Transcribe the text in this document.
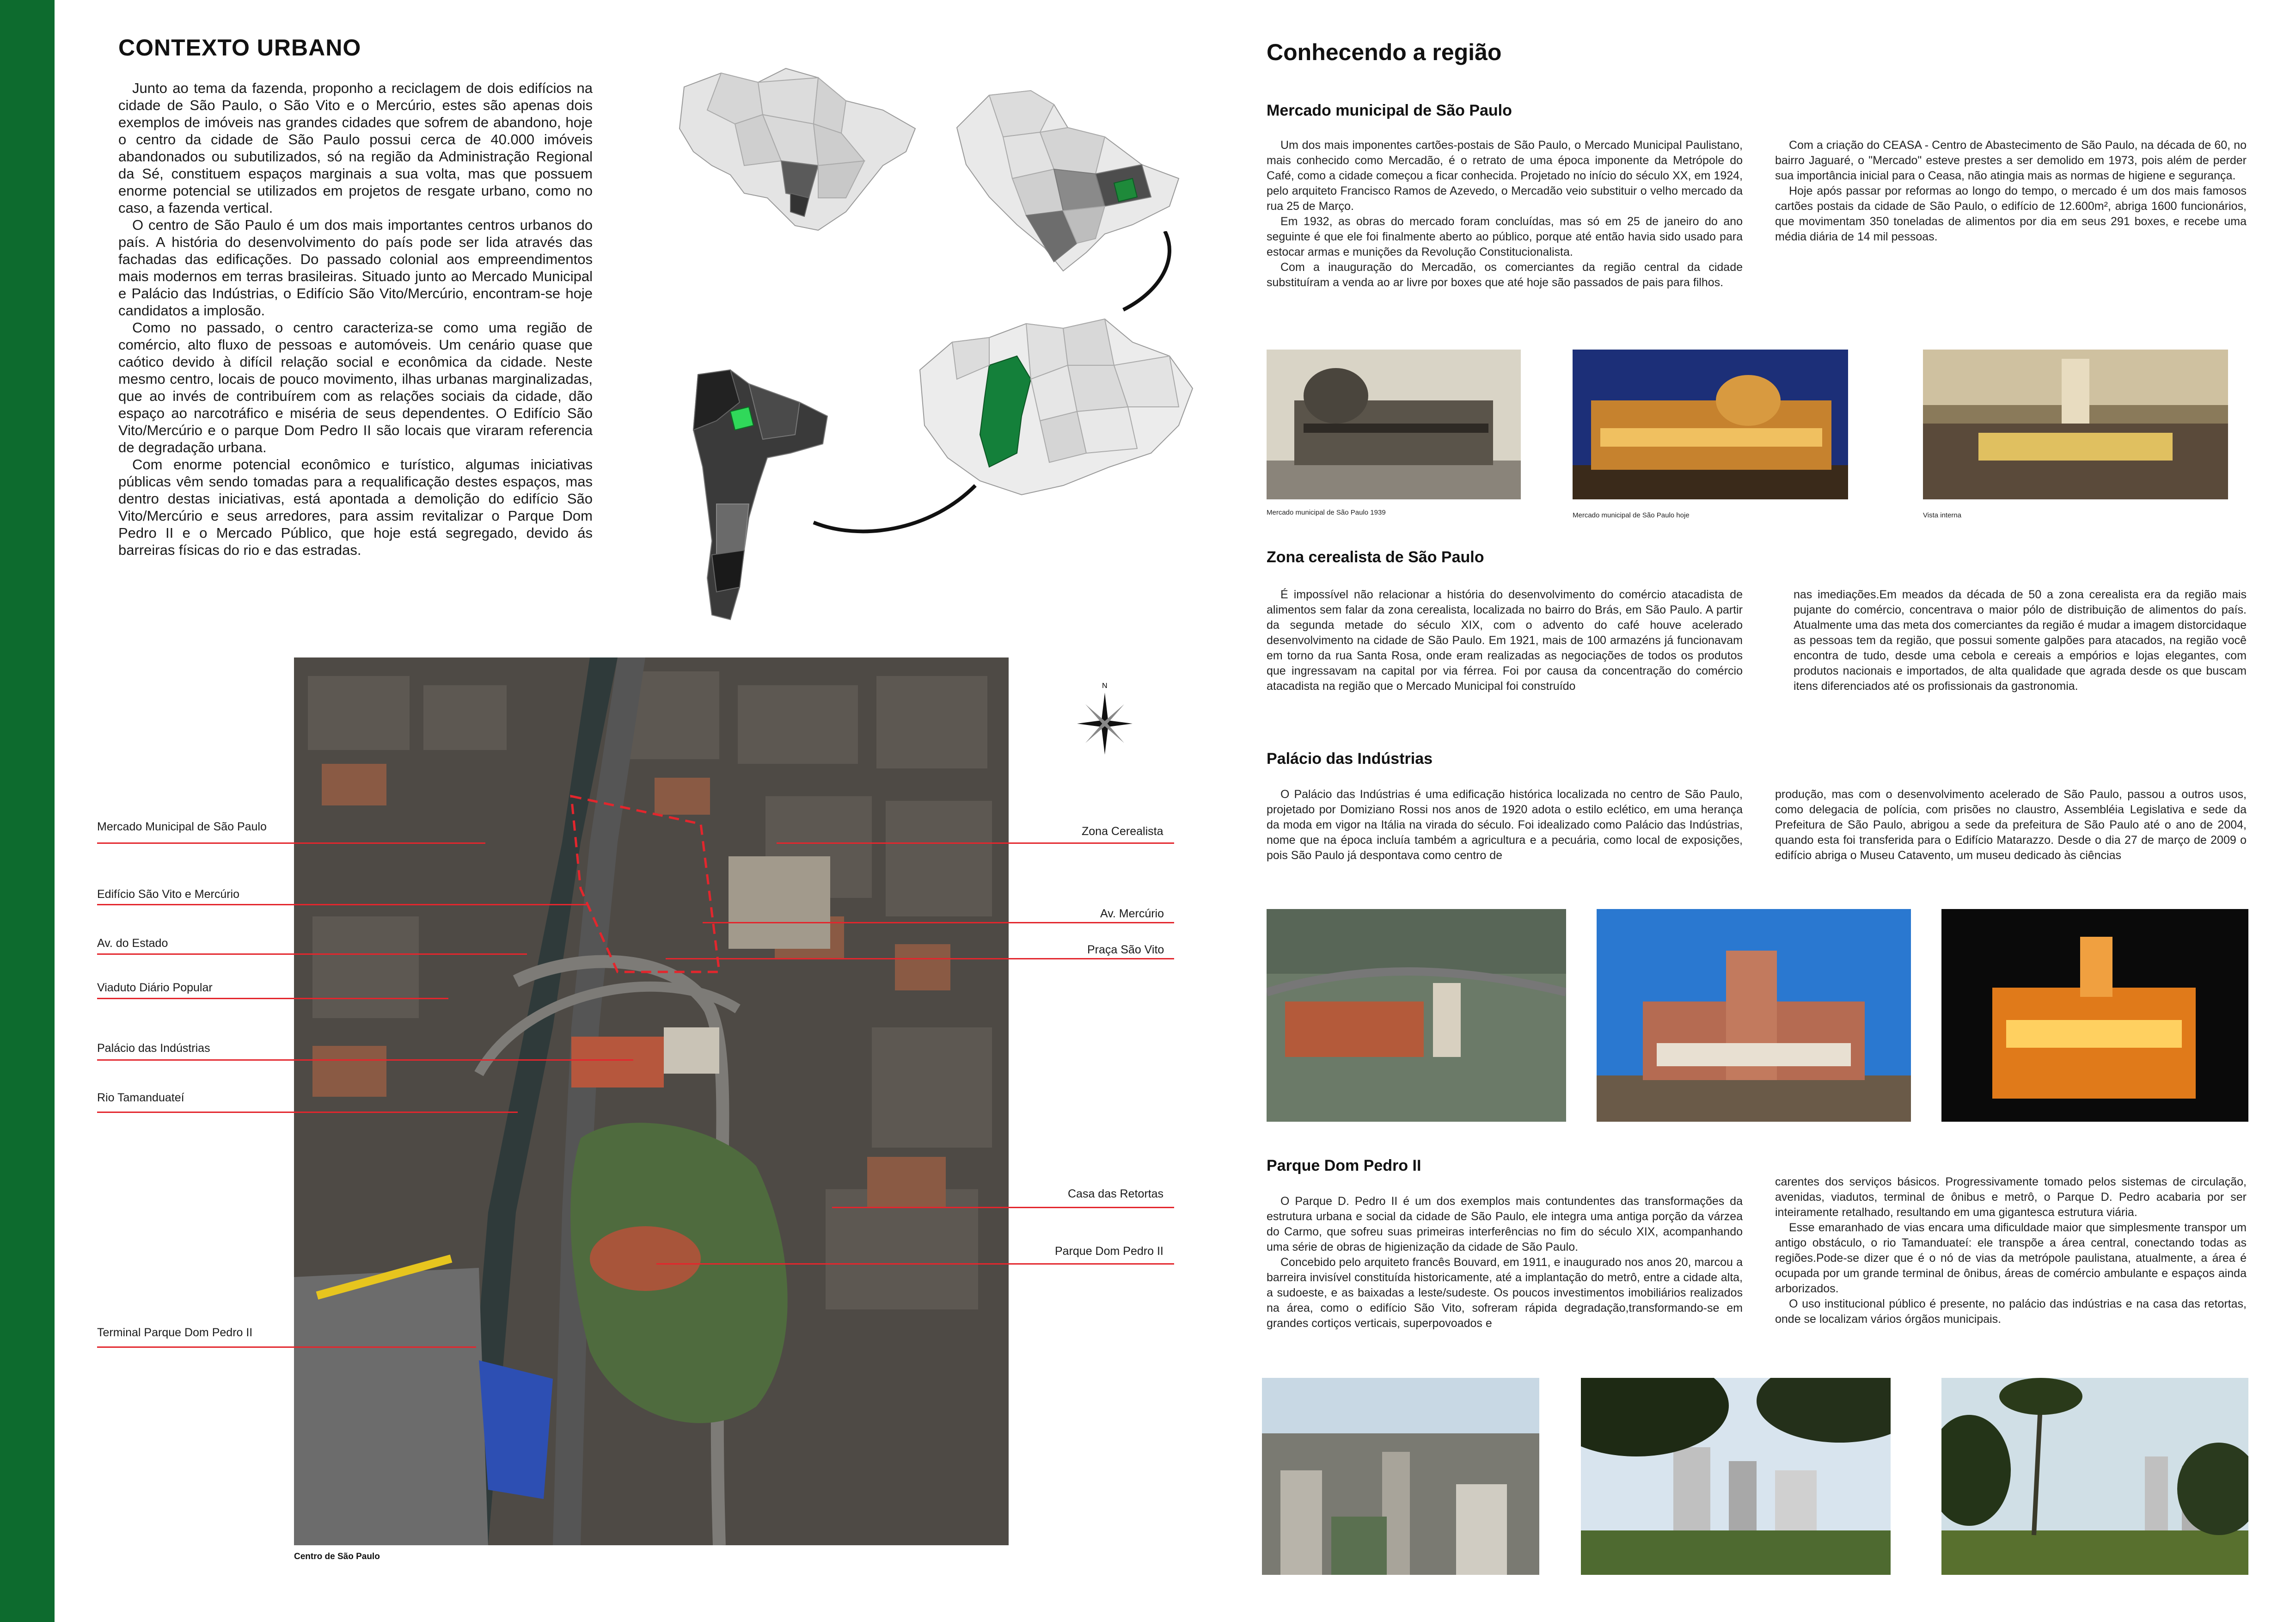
CONTEXTO URBANO

Junto ao tema da fazenda, proponho a reciclagem de dois edifícios na cidade de São Paulo, o São Vito e o Mercúrio, estes são apenas dois exemplos de imóveis nas grandes cidades que sofrem de abandono, hoje o centro da cidade de São Paulo possui cerca de 40.000 imóveis abandonados ou subutilizados, só na região da Administração Regional da Sé, constituem espaços marginais a sua volta, mas que possuem enorme potencial se utilizados em projetos de resgate urbano, como no caso, a fazenda vertical.

O centro de São Paulo é um dos mais importantes centros urbanos do país. A história do desenvolvimento do país pode ser lida através das fachadas das edificações. Do passado colonial aos empreendimentos mais modernos em terras brasileiras. Situado junto ao Mercado Municipal e Palácio das Indústrias, o Edifício São Vito/Mercúrio, encontram-se hoje candidatos a implosão.

Como no passado, o centro caracteriza-se como uma região de comércio, alto fluxo de pessoas e automóveis. Um cenário quase que caótico devido à difícil relação social e econômica da cidade. Neste mesmo centro, locais de pouco movimento, ilhas urbanas marginalizadas, que ao invés de contribuírem com as relações sociais da cidade, dão espaço ao narcotráfico e miséria de seus dependentes. O Edifício São Vito/Mercúrio e o parque Dom Pedro II são locais que viraram referencia de degradação urbana.

Com enorme potencial econômico e turístico, algumas iniciativas públicas vêm sendo tomadas para a requalificação destes espaços, mas dentro destas iniciativas, está apontada a demolição do edifício São Vito/Mercúrio e seus arredores, para assim revitalizar o Parque Dom Pedro II e o Mercado Público, que hoje está segregado, devido ás barreiras físicas do rio e das estradas.

Centro de São Paulo
N
Mercado Municipal de São Paulo
Edifício São Vito e Mercúrio
Av. do Estado
Viaduto Diário Popular
Palácio das Indústrias
Rio Tamanduateí
Terminal Parque Dom Pedro II
Zona Cerealista
Av. Mercúrio
Praça São Vito
Casa das Retortas
Parque Dom Pedro II
Conhecendo a região
Mercado municipal de São Paulo

Um dos mais imponentes cartões-postais de São Paulo, o Mercado Municipal Paulistano, mais conhecido como Mercadão, é o retrato de uma época imponente da Metrópole do Café, como a cidade começou a ficar conhecida. Projetado no início do século XX, em 1924, pelo arquiteto Francisco Ramos de Azevedo, o Mercadão veio substituir o velho mercado da rua 25 de Março.

Em 1932, as obras do mercado foram concluídas, mas só em 25 de janeiro do ano seguinte é que ele foi finalmente aberto ao público, porque até então havia sido usado para estocar armas e munições da Revolução Constitucionalista.

Com a inauguração do Mercadão, os comerciantes da região central da cidade substituíram a venda ao ar livre por boxes que até hoje são passados de pais para filhos.

Com a criação do CEASA - Centro de Abastecimento de São Paulo, na década de 60, no bairro Jaguaré, o "Mercado" esteve prestes a ser demolido em 1973, pois além de perder sua importância inicial para o Ceasa, não atingia mais as normas de higiene e segurança.

Hoje após passar por reformas ao longo do tempo, o mercado é um dos mais famosos cartões postais da cidade de São Paulo, o edifício de 12.600m², abriga 1600 funcionários, que movimentam 350 toneladas de alimentos por dia em seus 291 boxes, e recebe uma média diária de 14 mil pessoas.

Mercado municipal de São Paulo 1939	Mercado municipal de São Paulo hoje	Vista interna
Zona cerealista de São Paulo

É impossível não relacionar a história do desenvolvimento do comércio atacadista de alimentos sem falar da zona cerealista, localizada no bairro do Brás, em São Paulo. A partir da segunda metade do século XIX, com o advento do café houve acelerado desenvolvimento na cidade de São Paulo. Em 1921, mais de 100 armazéns já funcionavam em torno da rua Santa Rosa, onde eram realizadas as negociações de todos os produtos que ingressavam na capital por via férrea. Foi por causa da concentração do comércio atacadista na região que o Mercado Municipal foi construído

nas imediações.Em meados da década de 50 a zona cerealista era da região mais pujante do comércio, concentrava o maior pólo de distribuição de alimentos do país. Atualmente uma das meta dos comerciantes da região é mudar a imagem distorcidaque as pessoas tem da região, que possui somente galpões para atacados, na região você encontra de tudo, desde uma cebola e cereais a empórios e lojas elegantes, com produtos nacionais e importados, de alta qualidade que agrada desde os que buscam itens diferenciados até os profissionais da gastronomia.

Palácio das Indústrias

O Palácio das Indústrias é uma edificação histórica localizada no centro de São Paulo, projetado por Domiziano Rossi nos anos de 1920 adota o estilo eclético, em uma herança da moda em vigor na Itália na virada do século. Foi idealizado como Palácio das Indústrias, nome que na época incluía também a agricultura e a pecuária, como local de exposições, pois São Paulo já despontava como centro de

produção, mas com o desenvolvimento acelerado de São Paulo, passou a outros usos, como delegacia de polícia, com prisões no claustro, Assembléia Legislativa e sede da Prefeitura de São Paulo, abrigou a sede da prefeitura de São Paulo até o ano de 2004, quando esta foi transferida para o Edifício Matarazzo. Desde o dia 27 de março de 2009 o edifício abriga o Museu Catavento, um museu dedicado às ciências

Parque Dom Pedro II

O Parque D. Pedro II é um dos exemplos mais contundentes das transformações da estrutura urbana e social da cidade de São Paulo, ele integra uma antiga porção da várzea do Carmo, que sofreu suas primeiras interferências no fim do século XIX, acompanhando uma série de obras de higienização da cidade de São Paulo.

Concebido pelo arquiteto francês Bouvard, em 1911, e inaugurado nos anos 20, marcou a barreira invisível constituída historicamente, até a implantação do metrô, entre a cidade alta, a sudoeste, e as baixadas a leste/sudeste. Os poucos investimentos imobiliários realizados na área, como o edifício São Vito, sofreram rápida degradação,transformando-se em grandes cortiços verticais, superpovoados e

carentes dos serviços básicos. Progressivamente tomado pelos sistemas de circulação, avenidas, viadutos, terminal de ônibus e metrô, o Parque D. Pedro acabaria por ser inteiramente retalhado, resultando em uma gigantesca estrutura viária.

Esse emaranhado de vias encara uma dificuldade maior que simplesmente transpor um antigo obstáculo, o rio Tamanduateí: ele transpõe a área central, conectando todas as regiões.Pode-se dizer que é o nó de vias da metrópole paulistana, atualmente, a área é ocupada por um grande terminal de ônibus, áreas de comércio ambulante e espaços ainda arborizados.

O uso institucional público é presente, no palácio das indústrias e na casa das retortas, onde se localizam vários órgãos municipais.
